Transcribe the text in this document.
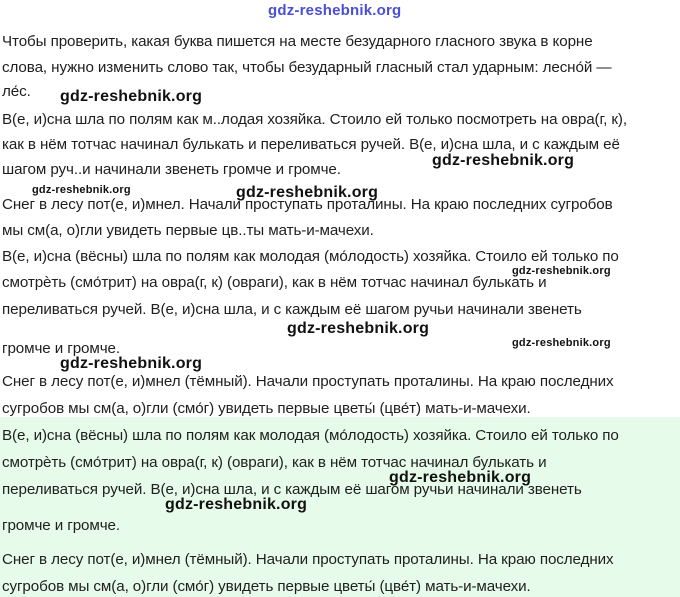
gdz-reshebnik.org
Чтобы проверить, какая буква пишется на месте безударного гласного звука в корне
слова, нужно изменить слово так, чтобы безударный гласный стал ударным: лесно́й —
ле́с.
В(е, и)сна шла по полям как м..лодая хозяйка. Стоило ей только посмотреть на овра(г, к),
как в нём тотчас начинал булькать и переливаться ручей. В(е, и)сна шла, и с каждым её
шагом руч..и начинали звенеть громче и громче.
Снег в лесу пот(е, и)мнел. Начали проступать проталины. На краю последних сугробов
мы см(а, о)гли увидеть первые цв..ты мать-и-мачехи.
В(е, и)сна (вёсны) шла по полям как молодая (мо́лодость) хозяйка. Стоило ей только по
смотрѐть (смо́трит) на овра(г, к) (овраги), как в нём тотчас начинал булькать и
переливаться ручей. В(е, и)сна шла, и с каждым её шагом ручьи начинали звенеть
громче и громче.
Снег в лесу пот(е, и)мнел (тёмный). Начали проступать проталины. На краю последних
сугробов мы см(а, о)гли (смо́г) увидеть первые цветы́ (цве́т) мать-и-мачехи.
В(е, и)сна (вёсны) шла по полям как молодая (мо́лодость) хозяйка. Стоило ей только по
смотрѐть (смо́трит) на овра(г, к) (овраги), как в нём тотчас начинал булькать и
переливаться ручей. В(е, и)сна шла, и с каждым её шагом ручьи начинали звенеть
громче и громче.
Снег в лесу пот(е, и)мнел (тёмный). Начали проступать проталины. На краю последних
сугробов мы см(а, о)гли (смо́г) увидеть первые цветы́ (цве́т) мать-и-мачехи.
gdz-reshebnik.org
gdz-reshebnik.org
gdz-reshebnik.org	gdz-reshebnik.org
gdz-reshebnik.org
gdz-reshebnik.org
gdz-reshebnik.org
gdz-reshebnik.org
gdz-reshebnik.org
gdz-reshebnik.org
